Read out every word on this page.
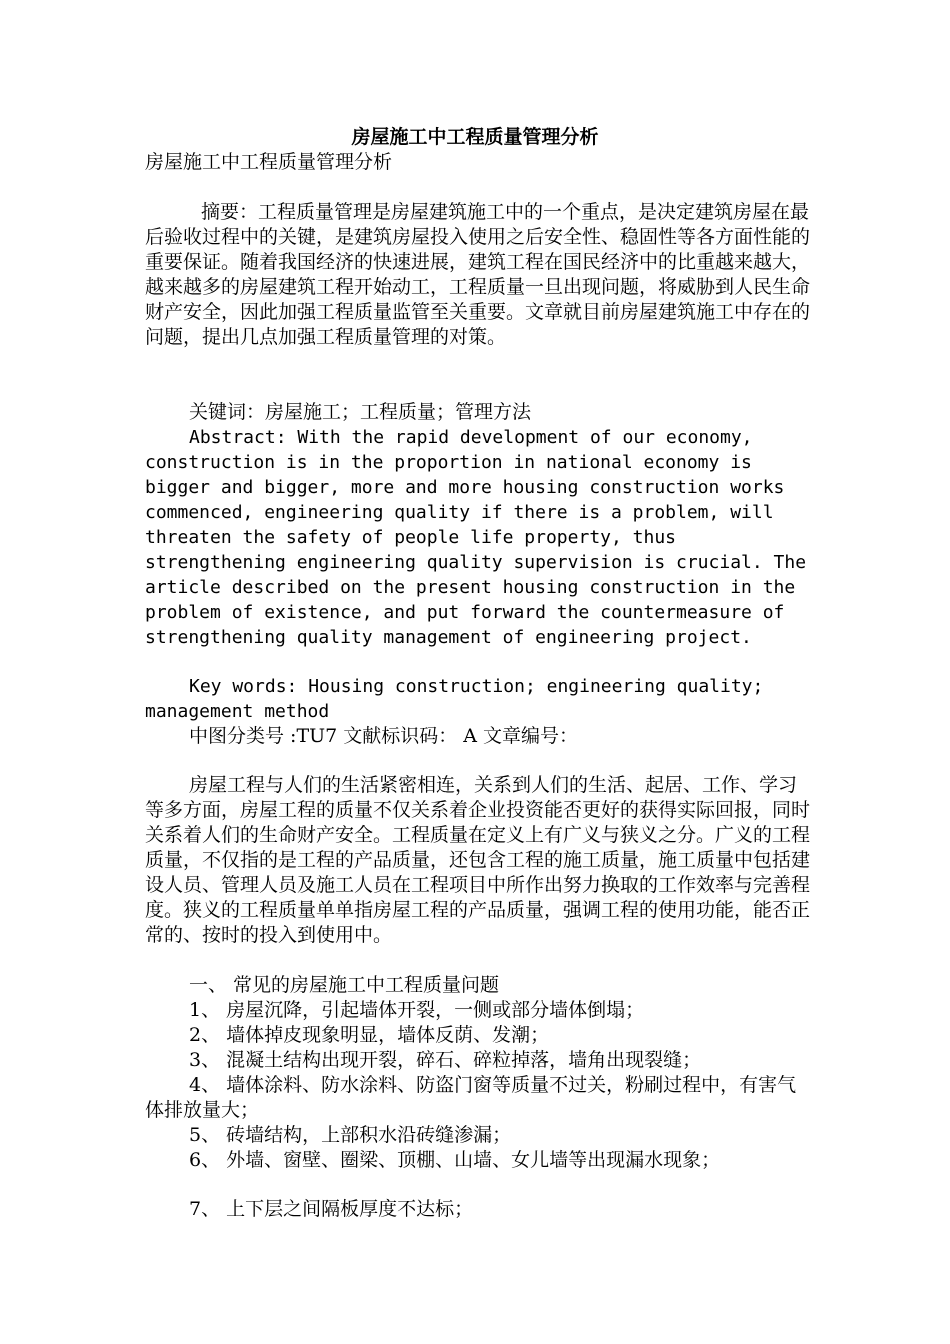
房屋施工中工程质量管理分析
房屋施工中工程质量管理分析
摘要：工程质量管理是房屋建筑施工中的一个重点，是决定建筑房屋在最后验收过程中的关键，是建筑房屋投入使用之后安全性、稳固性等各方面性能的重要保证。随着我国经济的快速进展，建筑工程在国民经济中的比重越来越大，越来越多的房屋建筑工程开始动工，工程质量一旦出现问题，将威胁到人民生命财产安全，因此加强工程质量监管至关重要。文章就目前房屋建筑施工中存在的问题，提出几点加强工程质量管理的对策。
关键词：房屋施工；工程质量；管理方法
Abstract: With the rapid development of our economy, construction is in the proportion in national economy is bigger and bigger, more and more housing construction works commenced, engineering quality if there is a problem, will threaten the safety of people life property, thus strengthening engineering quality supervision is crucial. The article described on the present housing construction in the problem of existence, and put forward the countermeasure of strengthening quality management of engineering project.
Key words: Housing construction; engineering quality; management method
中图分类号 :TU7 文献标识码： A 文章编号：
房屋工程与人们的生活紧密相连，关系到人们的生活、起居、工作、学习等多方面，房屋工程的质量不仅关系着企业投资能否更好的获得实际回报，同时关系着人们的生命财产安全。工程质量在定义上有广义与狭义之分。广义的工程质量，不仅指的是工程的产品质量，还包含工程的施工质量，施工质量中包括建设人员、管理人员及施工人员在工程项目中所作出努力换取的工作效率与完善程度。狭义的工程质量单单指房屋工程的产品质量，强调工程的使用功能，能否正常的、按时的投入到使用中。
一、 常见的房屋施工中工程质量问题
1、 房屋沉降，引起墙体开裂，一侧或部分墙体倒塌；
2、 墙体掉皮现象明显，墙体反荫、发潮；
3、 混凝土结构出现开裂，碎石、碎粒掉落，墙角出现裂缝；
4、 墙体涂料、防水涂料、防盗门窗等质量不过关，粉刷过程中，有害气体排放量大；
5、 砖墙结构，上部积水沿砖缝渗漏；
6、 外墙、窗壁、圈梁、顶棚、山墙、女儿墙等出现漏水现象；
7、 上下层之间隔板厚度不达标；
